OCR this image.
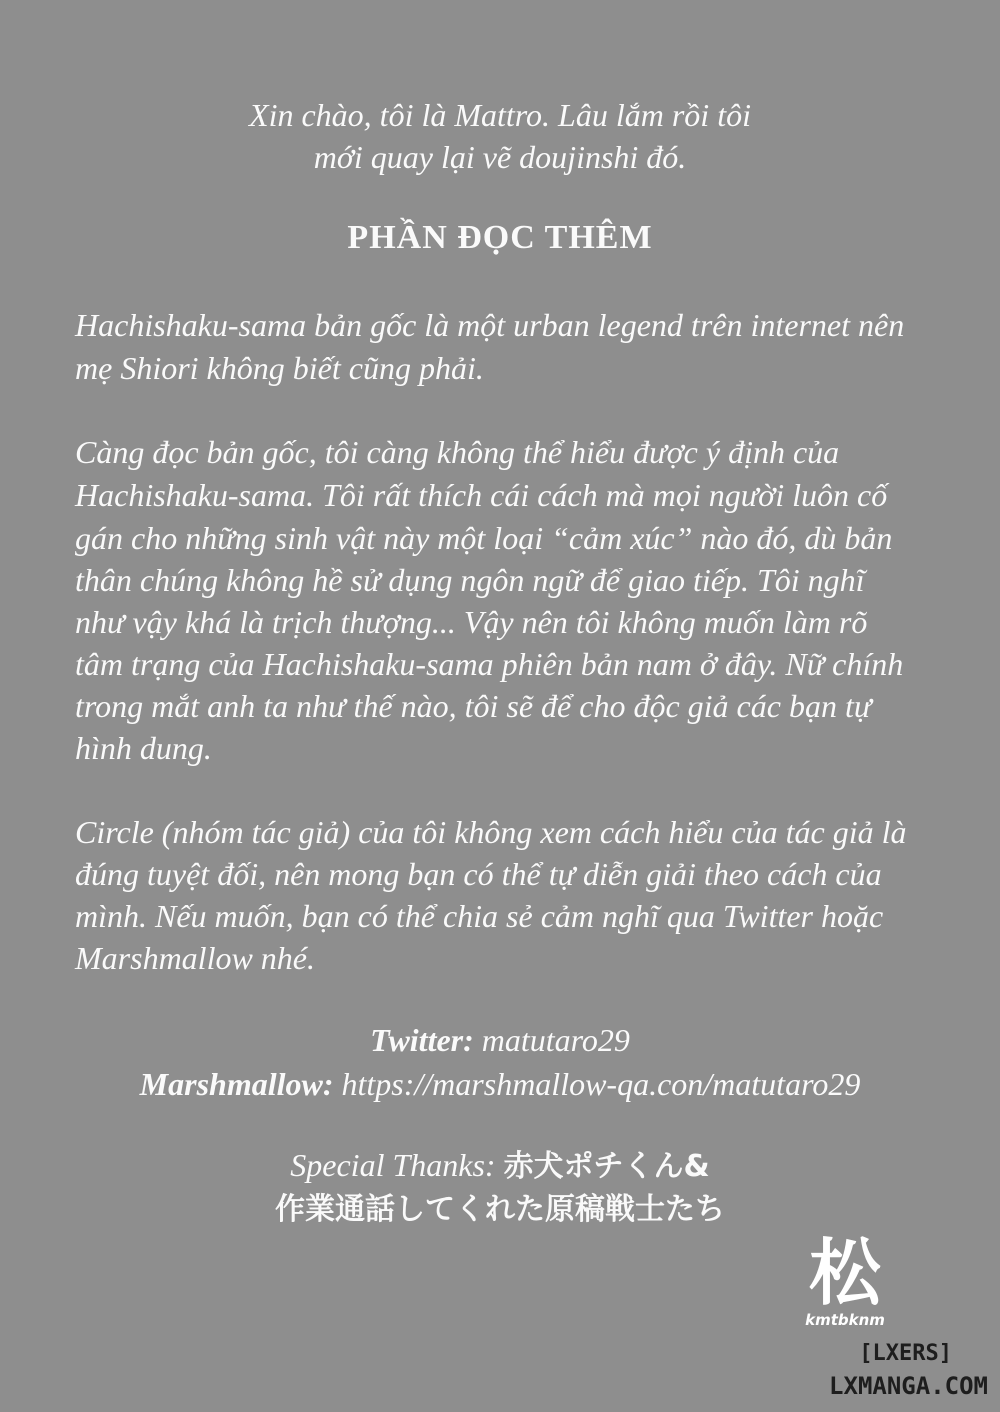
Xin chào, tôi là Mattro. Lâu lắm rồi tôi
mới quay lại vẽ doujinshi đó.
PHẦN ĐỌC THÊM
Hachishaku-sama bản gốc là một urban legend trên internet nên
mẹ Shiori không biết cũng phải.
Càng đọc bản gốc, tôi càng không thể hiểu được ý định của
Hachishaku-sama. Tôi rất thích cái cách mà mọi người luôn cố
gán cho những sinh vật này một loại “cảm xúc” nào đó, dù bản
thân chúng không hề sử dụng ngôn ngữ để giao tiếp. Tôi nghĩ
như vậy khá là trịch thượng... Vậy nên tôi không muốn làm rõ
tâm trạng của Hachishaku-sama phiên bản nam ở đây. Nữ chính
trong mắt anh ta như thế nào, tôi sẽ để cho độc giả các bạn tự
hình dung.
Circle (nhóm tác giả) của tôi không xem cách hiểu của tác giả là
đúng tuyệt đối, nên mong bạn có thể tự diễn giải theo cách của
mình. Nếu muốn, bạn có thể chia sẻ cảm nghĩ qua Twitter hoặc
Marshmallow nhé.
Twitter: matutaro29
Marshmallow: https://marshmallow-qa.con/matutaro29
Special Thanks: 赤犬ポチくん&
作業通話してくれた原稿戦士たち
松
kmtbknm
[LXERS]
LXMANGA.COM
